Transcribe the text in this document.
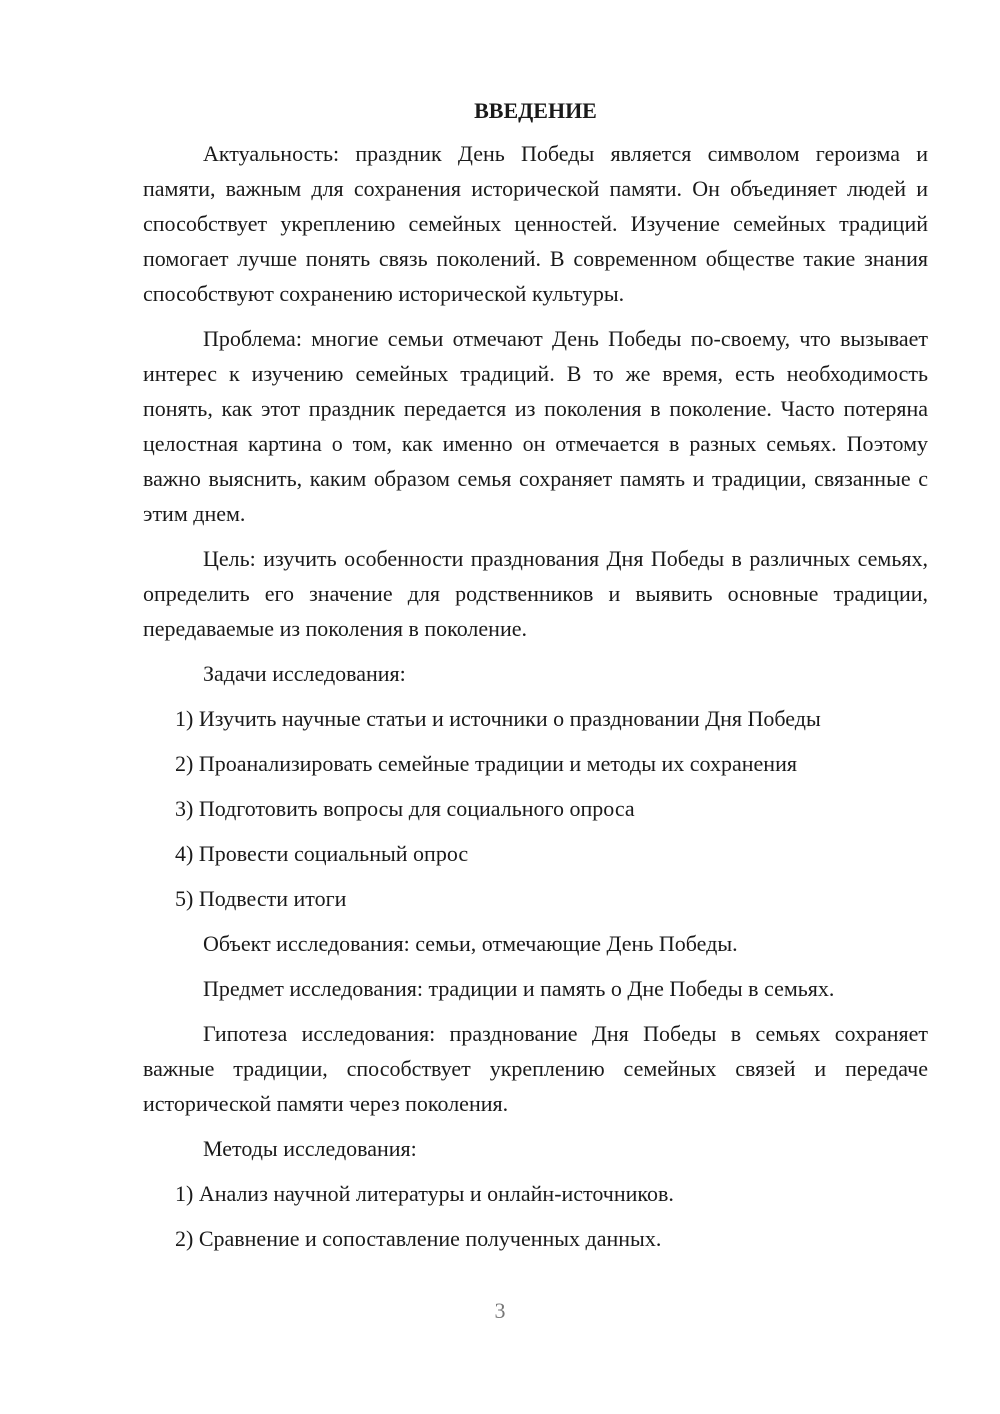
ВВЕДЕНИЕ

Актуальность: праздник День Победы является символом героизма и памяти, важным для сохранения исторической памяти. Он объединяет людей и способствует укреплению семейных ценностей. Изучение семейных традиций помогает лучше понять связь поколений. В современном обществе такие знания способствуют сохранению исторической культуры.

Проблема: многие семьи отмечают День Победы по-своему, что вызывает интерес к изучению семейных традиций. В то же время, есть необходимость понять, как этот праздник передается из поколения в поколение. Часто потеряна целостная картина о том, как именно он отмечается в разных семьях. Поэтому важно выяснить, каким образом семья сохраняет память и традиции, связанные с этим днем.

Цель: изучить особенности празднования Дня Победы в различных семьях, определить его значение для родственников и выявить основные традиции, передаваемые из поколения в поколение.

Задачи исследования:

1) Изучить научные статьи и источники о праздновании Дня Победы
2) Проанализировать семейные традиции и методы их сохранения
3) Подготовить вопросы для социального опроса
4) Провести социальный опрос
5) Подвести итоги

Объект исследования: семьи, отмечающие День Победы.

Предмет исследования: традиции и память о Дне Победы в семьях.

Гипотеза исследования: празднование Дня Победы в семьях сохраняет важные традиции, способствует укреплению семейных связей и передаче исторической памяти через поколения.

Методы исследования:

1) Анализ научной литературы и онлайн-источников.
2) Сравнение и сопоставление полученных данных.
3
